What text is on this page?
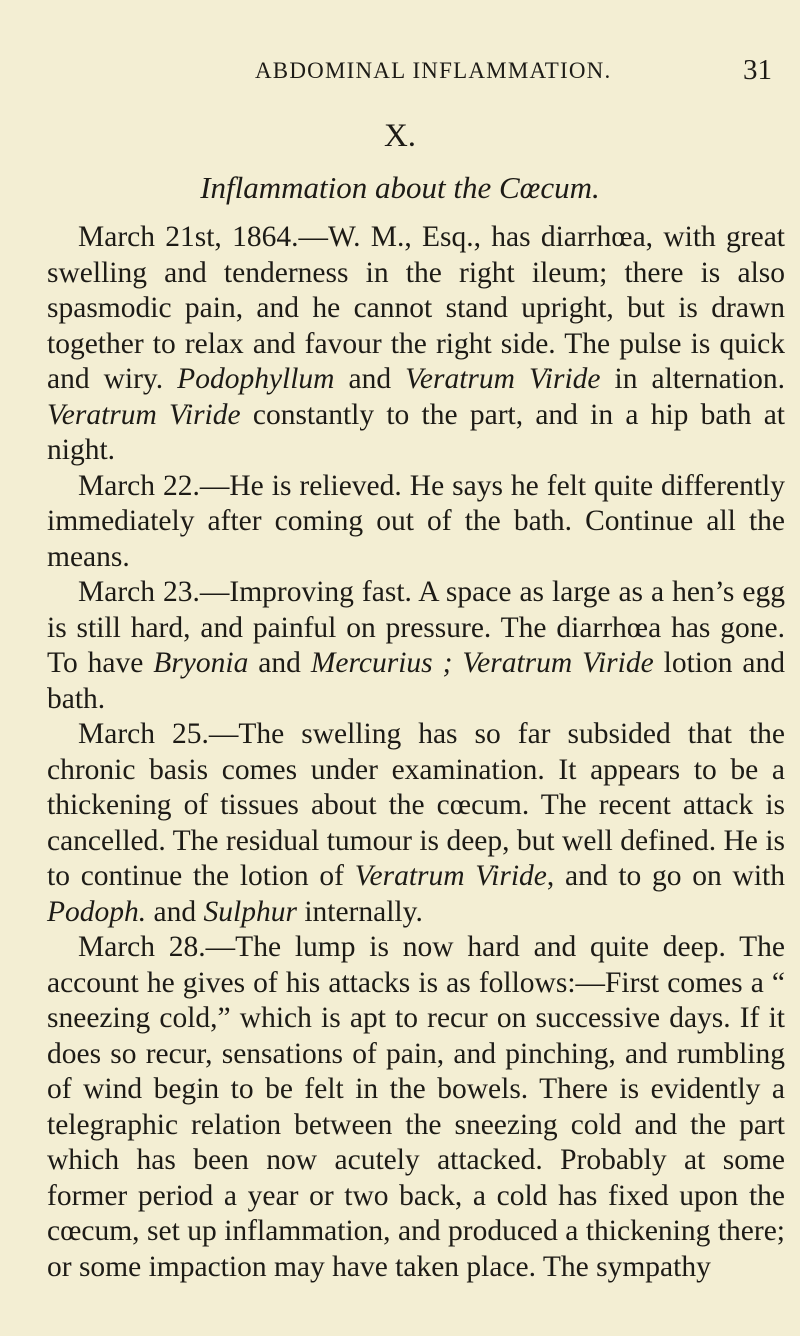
ABDOMINAL INFLAMMATION.	31
X.
Inflammation about the Cœcum.

March 21st, 1864.—W. M., Esq., has diarrhœa, with great swelling and tenderness in the right ileum; there is also spasmodic pain, and he cannot stand upright, but is drawn together to relax and favour the right side. The pulse is quick and wiry. Podophyllum and Veratrum Viride in alternation. Veratrum Viride constantly to the part, and in a hip bath at night.

March 22.—He is relieved. He says he felt quite differently immediately after coming out of the bath. Continue all the means.

March 23.—Improving fast. A space as large as a hen’s egg is still hard, and painful on pressure. The diarrhœa has gone. To have Bryonia and Mercurius ; Veratrum Viride lotion and bath.

March 25.—The swelling has so far subsided that the chronic basis comes under examination. It appears to be a thickening of tissues about the cœcum. The recent attack is cancelled. The residual tumour is deep, but well defined. He is to continue the lotion of Veratrum Viride, and to go on with Podoph. and Sulphur internally.

March 28.—The lump is now hard and quite deep. The account he gives of his attacks is as follows:—First comes a “ sneezing cold,” which is apt to recur on successive days. If it does so recur, sensations of pain, and pinching, and rumbling of wind begin to be felt in the bowels. There is evidently a telegraphic relation between the sneezing cold and the part which has been now acutely attacked. Probably at some former period a year or two back, a cold has fixed upon the cœcum, set up inflammation, and produced a thickening there; or some impaction may have taken place. The sympathy
